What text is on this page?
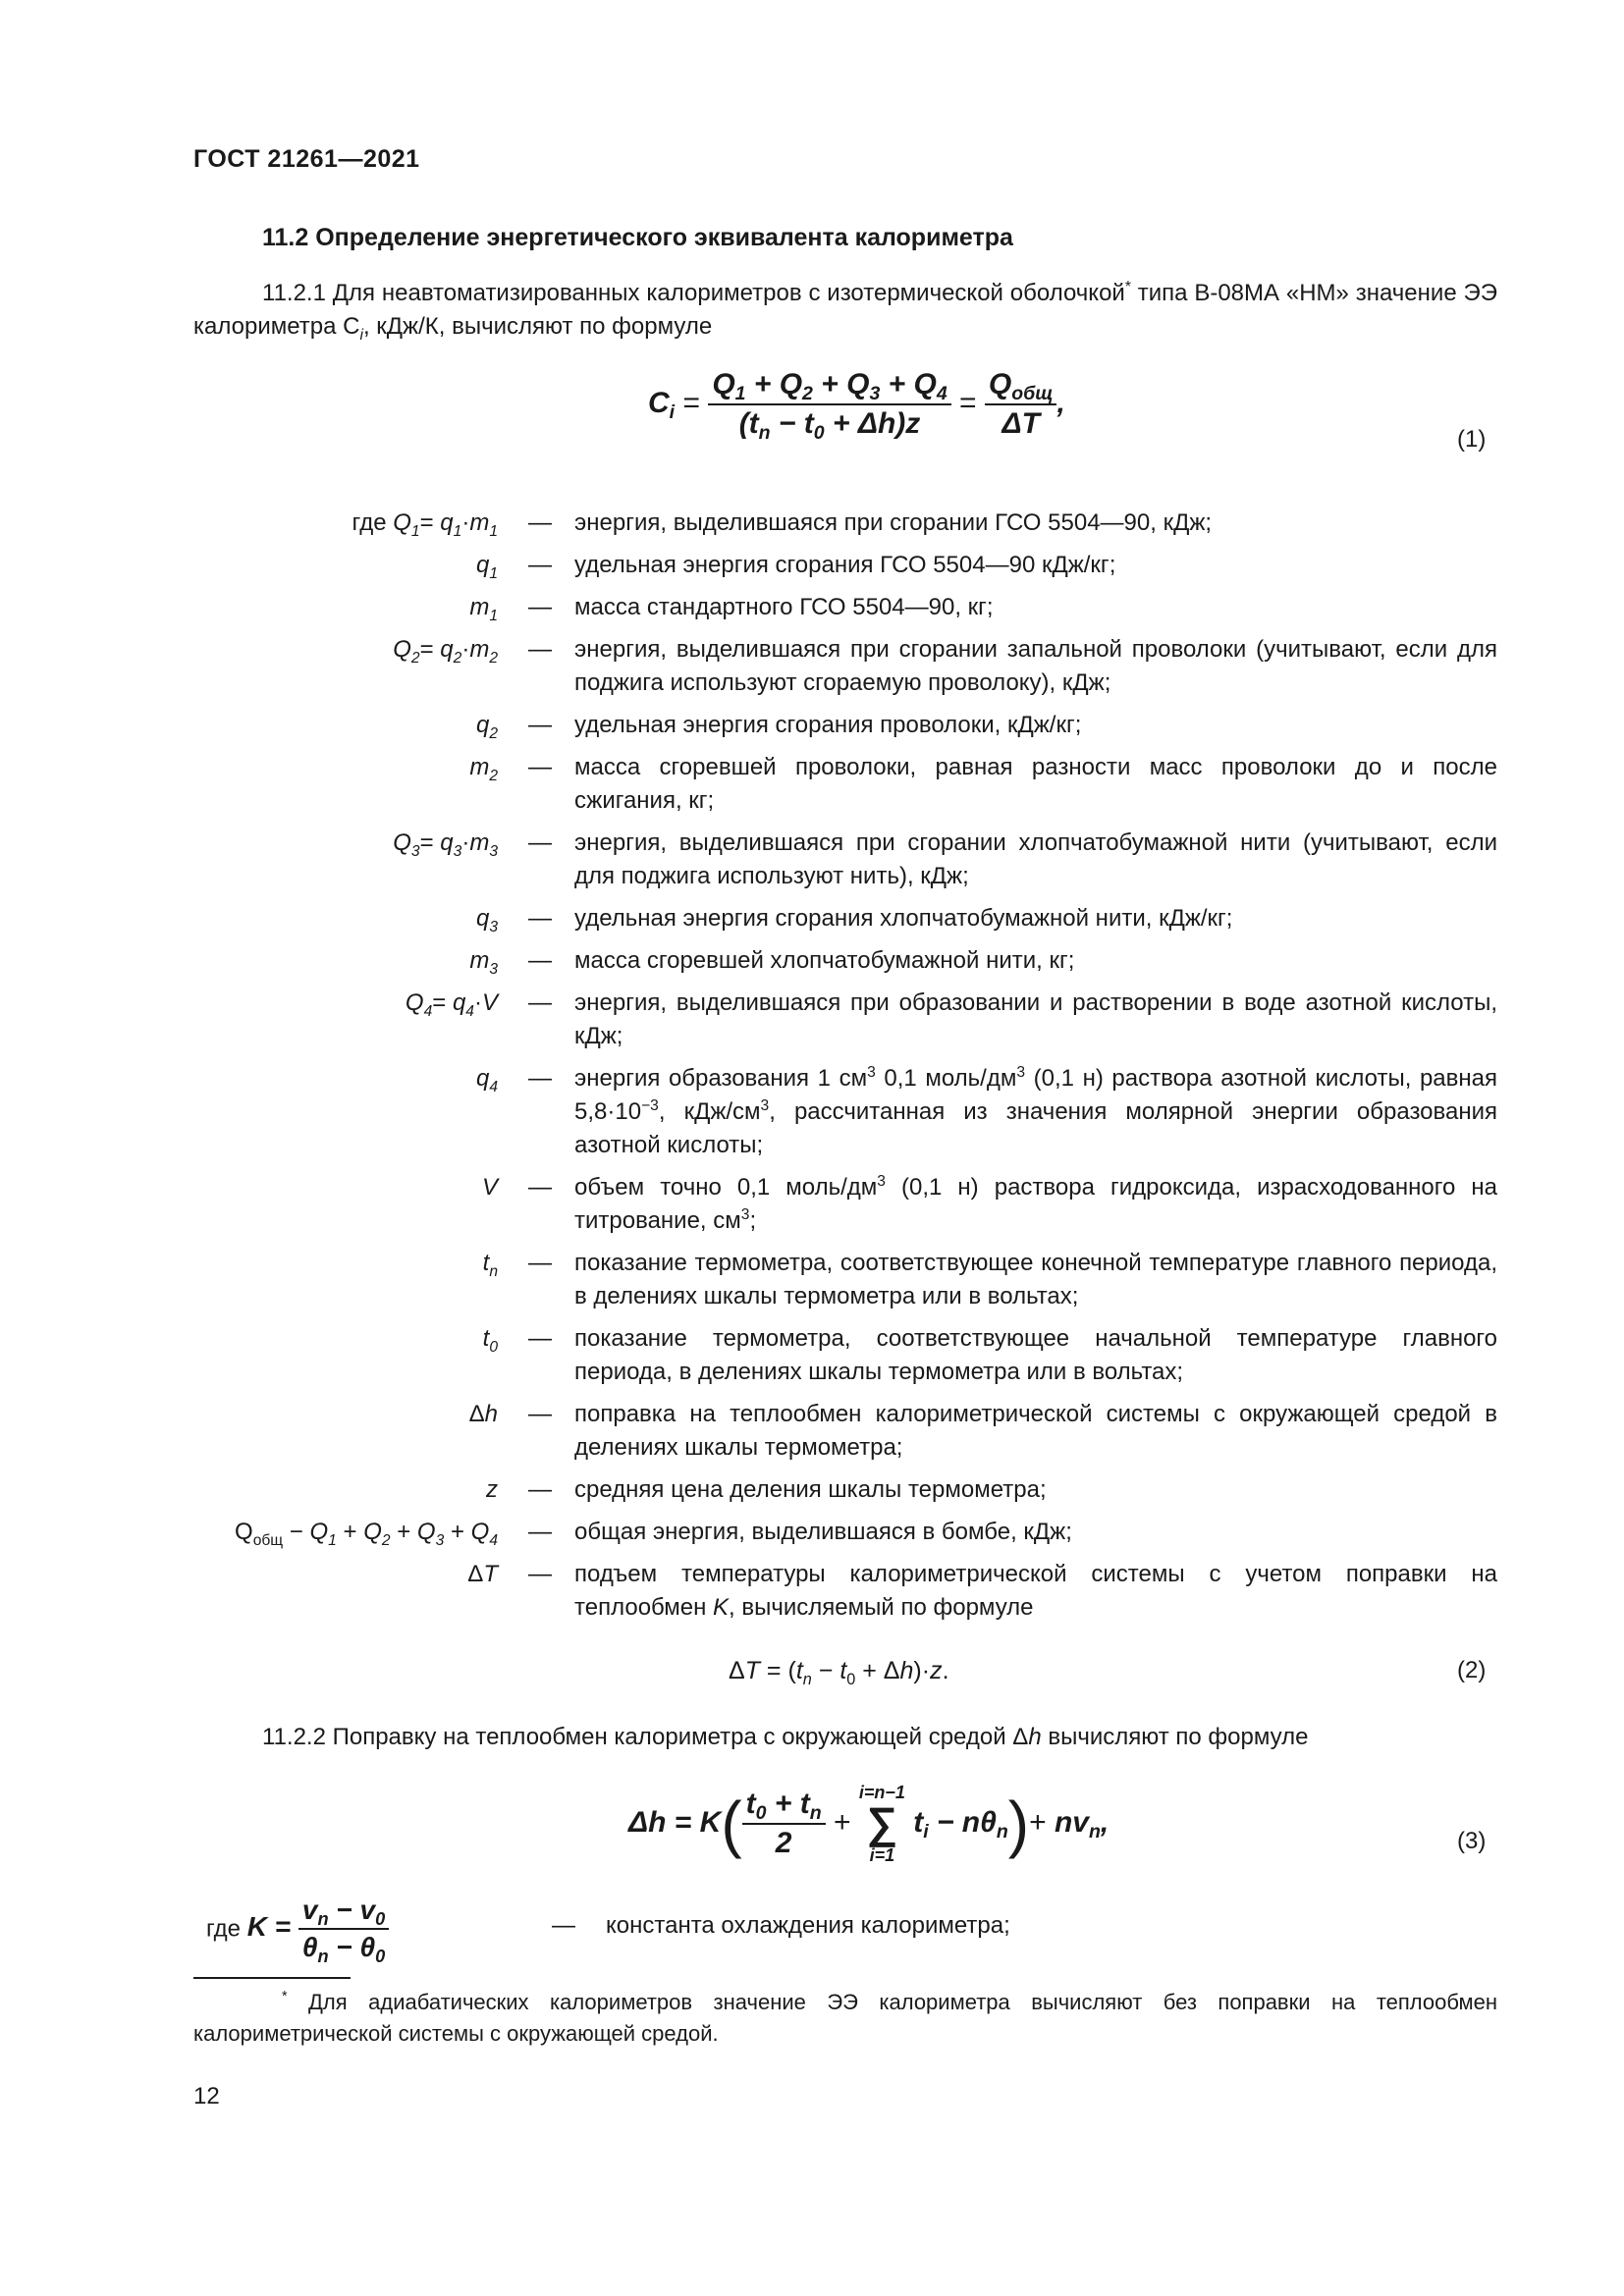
ГОСТ 21261—2021
11.2 Определение энергетического эквивалента калориметра
11.2.1 Для неавтоматизированных калориметров с изотермической оболочкой* типа В-08МА «НМ» значение ЭЭ калориметра $С_i$, кДж/К, вычисляют по формуле
$C_i = \frac{Q_1 + Q_2 + Q_3 + Q_4}{(t_n - t_0 + \Delta h)z} = \frac{Q_{общ}}{\Delta T}$ ,
(1)
где $Q_1= q_1\cdot m_1$	— энергия, выделившаяся при сгорании ГСО 5504—90, кДж;
$q_1$	— удельная энергия сгорания ГСО 5504—90 кДж/кг;
$m_1$	— масса стандартного ГСО 5504—90, кг;
$Q_2= q_2\cdot m_2$	— энергия, выделившаяся при сгорании запальной проволоки (учитывают, если для поджига используют сгораемую проволоку), кДж;
$q_2$	— удельная энергия сгорания проволоки, кДж/кг;
$m_2$	— масса сгоревшей проволоки, равная разности масс проволоки до и после сжигания, кг;
$Q_3= q_3\cdot m_3$	— энергия, выделившаяся при сгорании хлопчатобумажной нити (учитывают, если для поджига используют нить), кДж;
$q_3$	— удельная энергия сгорания хлопчатобумажной нити, кДж/кг;
$m_3$	— масса сгоревшей хлопчатобумажной нити, кг;
$Q_4= q_4\cdot V$	— энергия, выделившаяся при образовании и растворении в воде азотной кислоты, кДж;
$q_4$	— энергия образования 1 $см^3$ 0,1 моль/$дм^3$ (0,1 н) раствора азотной кислоты, равная $5,8\cdot 10^{-3}$, кДж/$см^3$, рассчитанная из значения молярной энергии образования азотной кислоты;
V	— объем точно 0,1 моль/$дм^3$ (0,1 н) раствора гидроксида, израсходованного на титрование, $см^3$;
$t_n$	— показание термометра, соответствующее конечной температуре главного периода, в делениях шкалы термометра или в вольтах;
$t_0$	— показание термометра, соответствующее начальной температуре главного периода, в делениях шкалы термометра или в вольтах;
Δh	— поправка на теплообмен калориметрической системы с окружающей средой в делениях шкалы термометра;
z	— средняя цена деления шкалы термометра;
$Q_{общ} - Q_1 + Q_2 + Q_3 + Q_4$	— общая энергия, выделившаяся в бомбе, кДж;
ΔT	— подъем температуры калориметрической системы с учетом поправки на теплообмен K, вычисляемый по формуле
$\Delta T = (t_n - t_0 + \Delta h)\cdot z$.	(2)
11.2.2 Поправку на теплообмен калориметра с окружающей средой Δh вычисляют по формуле
$\Delta h = K( \frac{t_0 + t_n}{2}$ +
i=n−1
∑
i=1
$t_i - n\theta_n)+ nv_n$,
(3)
где $K = \frac{v_n - v_0}{\theta_n - \theta_0}$	— константа охлаждения калориметра;
* Для адиабатических калориметров значение ЭЭ калориметра вычисляют без поправки на теплообмен калориметрической системы с окружающей средой.
12
